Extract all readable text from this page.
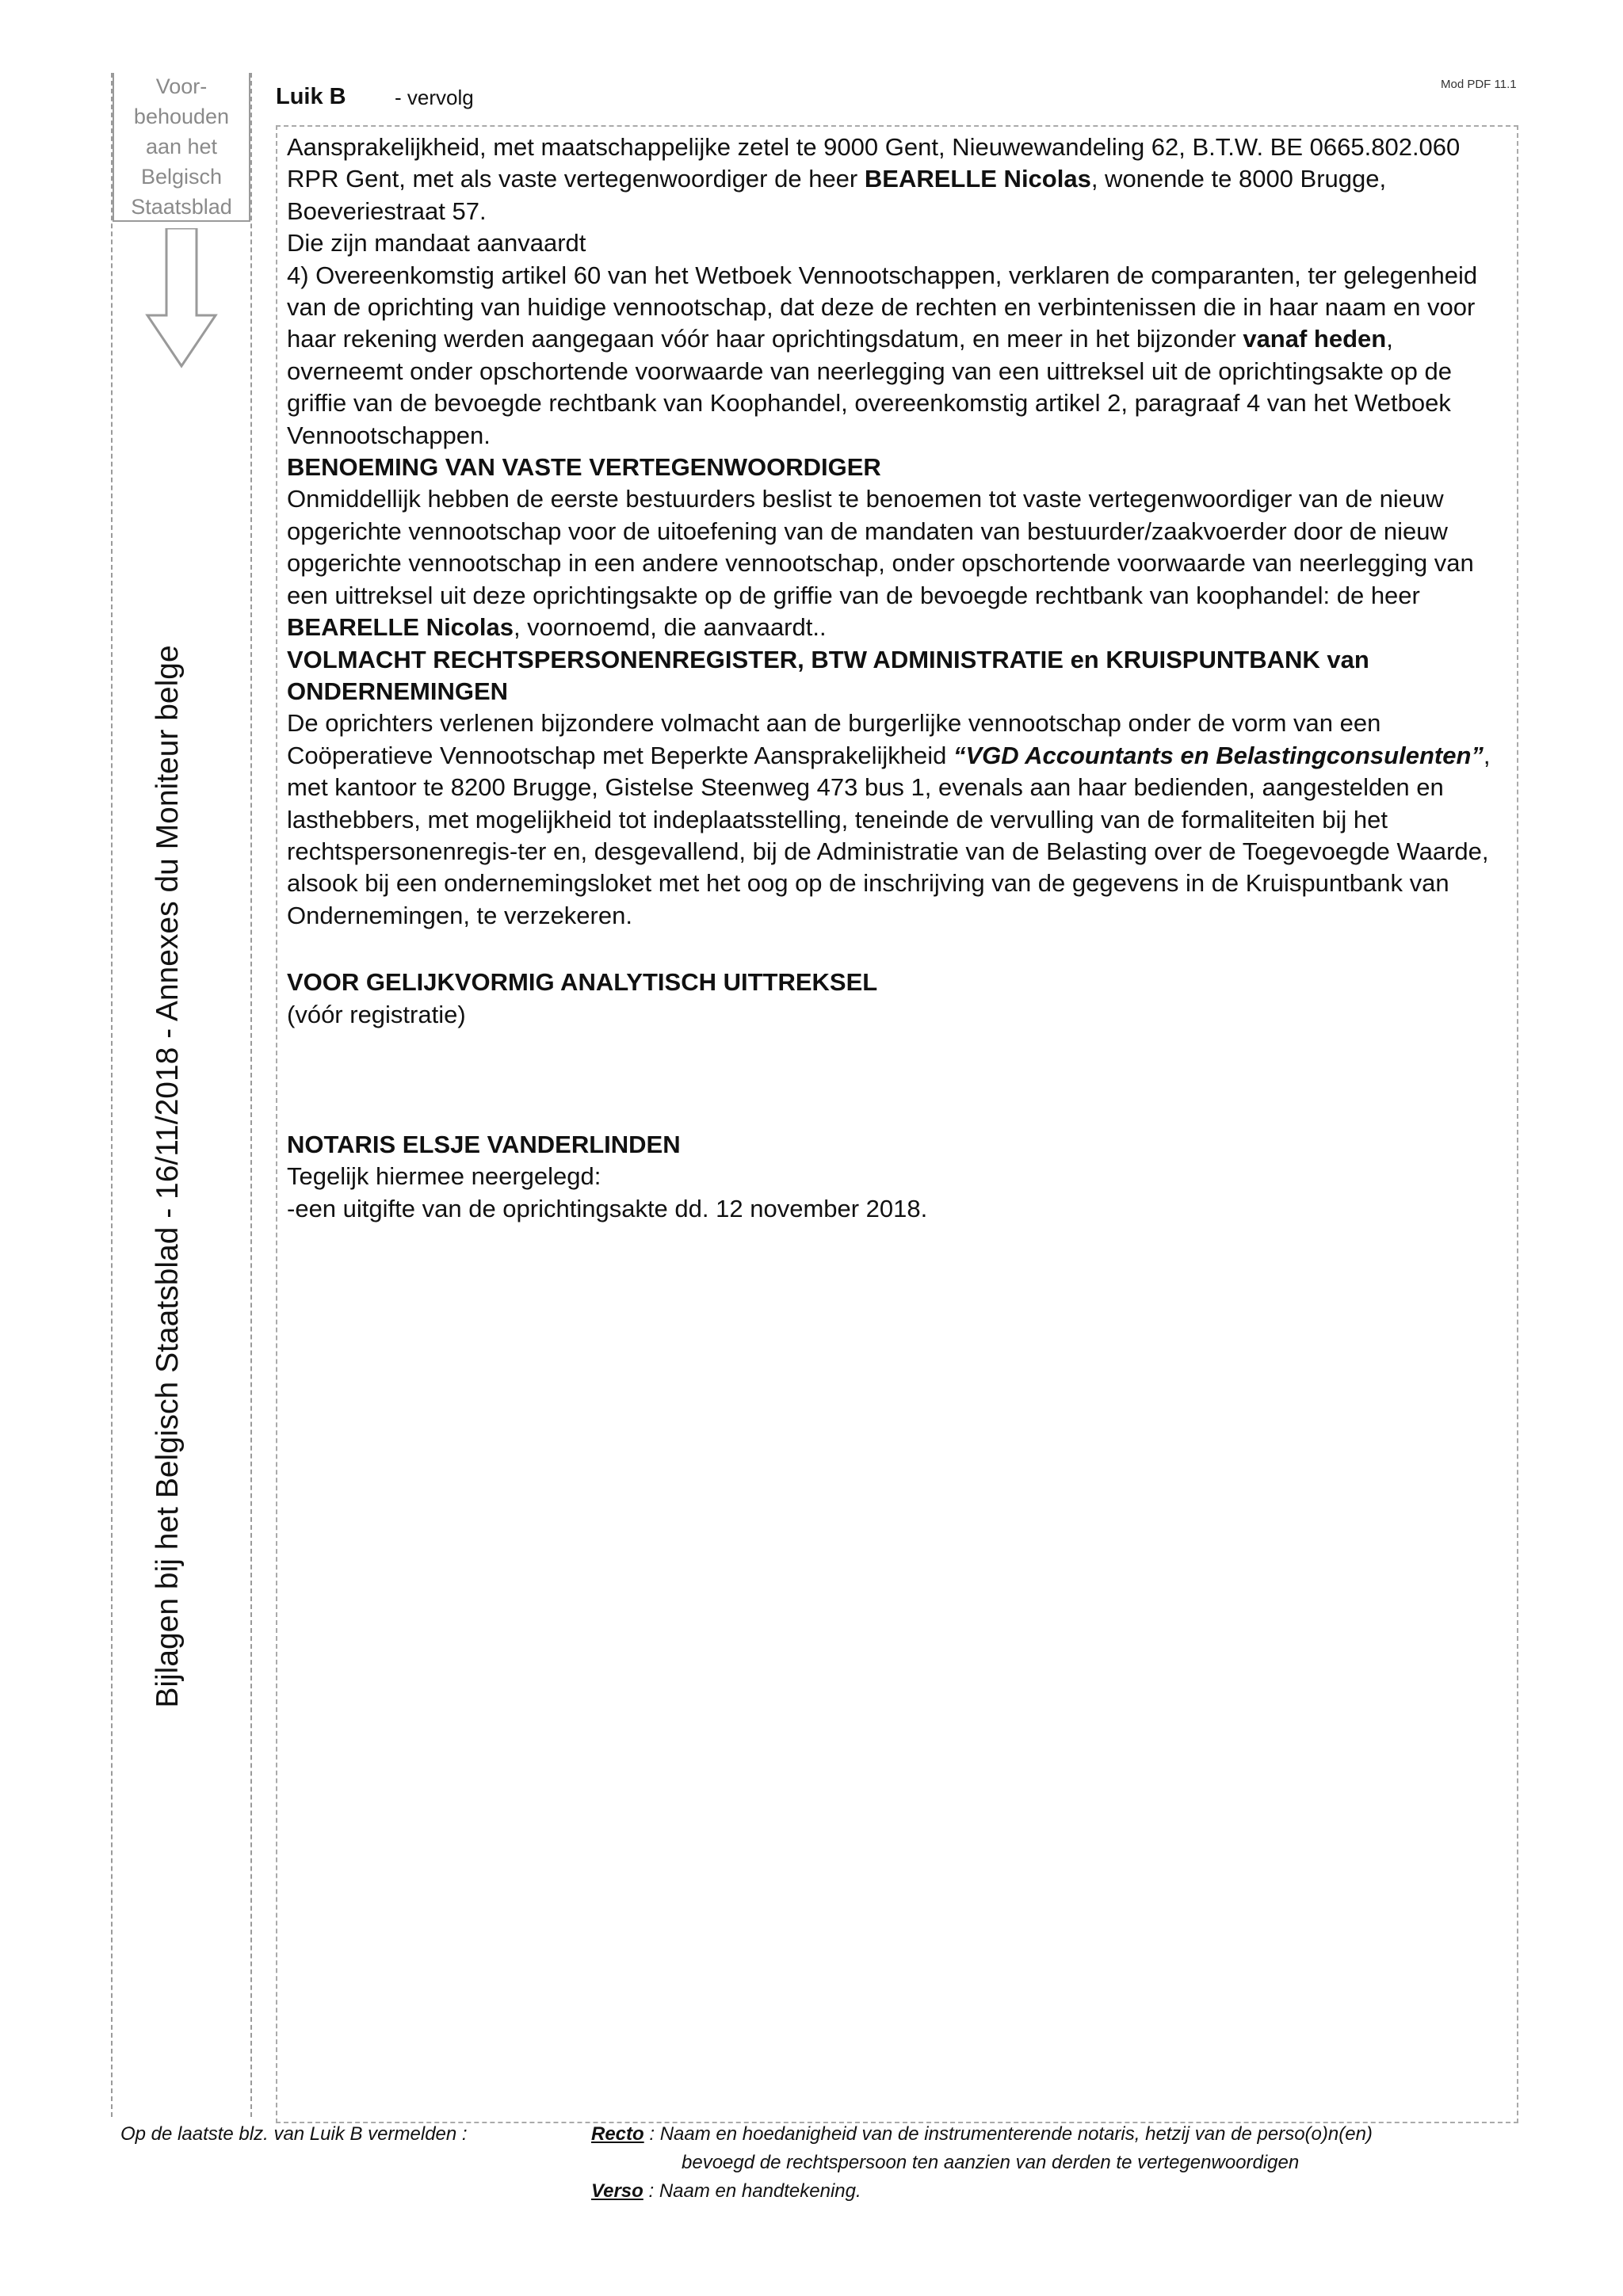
Voor-
behouden
aan het
Belgisch
Staatsblad
Bijlagen bij het Belgisch Staatsblad - 16/11/2018 - Annexes du Moniteur belge
Luik B - vervolg
Mod PDF 11.1

Aansprakelijkheid, met maatschappelijke zetel te 9000 Gent, Nieuwewandeling 62, B.T.W. BE 0665.802.060 RPR Gent, met als vaste vertegenwoordiger de heer BEARELLE Nicolas, wonende te 8000 Brugge, Boeveriestraat 57.

Die zijn mandaat aanvaardt

4) Overeenkomstig artikel 60 van het Wetboek Vennootschappen, verklaren de comparanten, ter gelegenheid van de oprichting van huidige vennootschap, dat deze de rechten en verbintenissen die in haar naam en voor haar rekening werden aangegaan vóór haar oprichtingsdatum, en meer in het bijzonder vanaf heden, overneemt onder opschortende voorwaarde van neerlegging van een uittreksel uit de oprichtingsakte op de griffie van de bevoegde rechtbank van Koophandel, overeenkomstig artikel 2, paragraaf 4 van het Wetboek Vennootschappen.

BENOEMING VAN VASTE VERTEGENWOORDIGER

Onmiddellijk hebben de eerste bestuurders beslist te benoemen tot vaste vertegenwoordiger van de nieuw opgerichte vennootschap voor de uitoefening van de mandaten van bestuurder/zaakvoerder door de nieuw opgerichte vennootschap in een andere vennootschap, onder opschortende voorwaarde van neerlegging van een uittreksel uit deze oprichtingsakte op de griffie van de bevoegde rechtbank van koophandel: de heer BEARELLE Nicolas, voornoemd, die aanvaardt..

VOLMACHT RECHTSPERSONENREGISTER, BTW ADMINISTRATIE en KRUISPUNTBANK van ONDERNEMINGEN

De oprichters verlenen bijzondere volmacht aan de burgerlijke vennootschap onder de vorm van een Coöperatieve Vennootschap met Beperkte Aansprakelijkheid “VGD Accountants en Belastingconsulenten”, met kantoor te 8200 Brugge, Gistelse Steenweg 473 bus 1, evenals aan haar bedienden, aangestelden en lasthebbers, met mogelijkheid tot indeplaatsstelling, teneinde de vervulling van de formaliteiten bij het rechtspersonenregis-ter en, desgevallend, bij de Administratie van de Belasting over de Toegevoegde Waarde, alsook bij een ondernemingsloket met het oog op de inschrijving van de gegevens in de Kruispuntbank van Ondernemingen, te verzekeren.

VOOR GELIJKVORMIG ANALYTISCH UITTREKSEL

(vóór registratie)

NOTARIS ELSJE VANDERLINDEN

Tegelijk hiermee neergelegd:

-een uitgifte van de oprichtingsakte dd. 12 november 2018.

Op de laatste blz. van Luik B vermelden :	Recto : Naam en hoedanigheid van de instrumenterende notaris, hetzij van de perso(o)n(en)
bevoegd de rechtspersoon ten aanzien van derden te vertegenwoordigen
Verso : Naam en handtekening.
